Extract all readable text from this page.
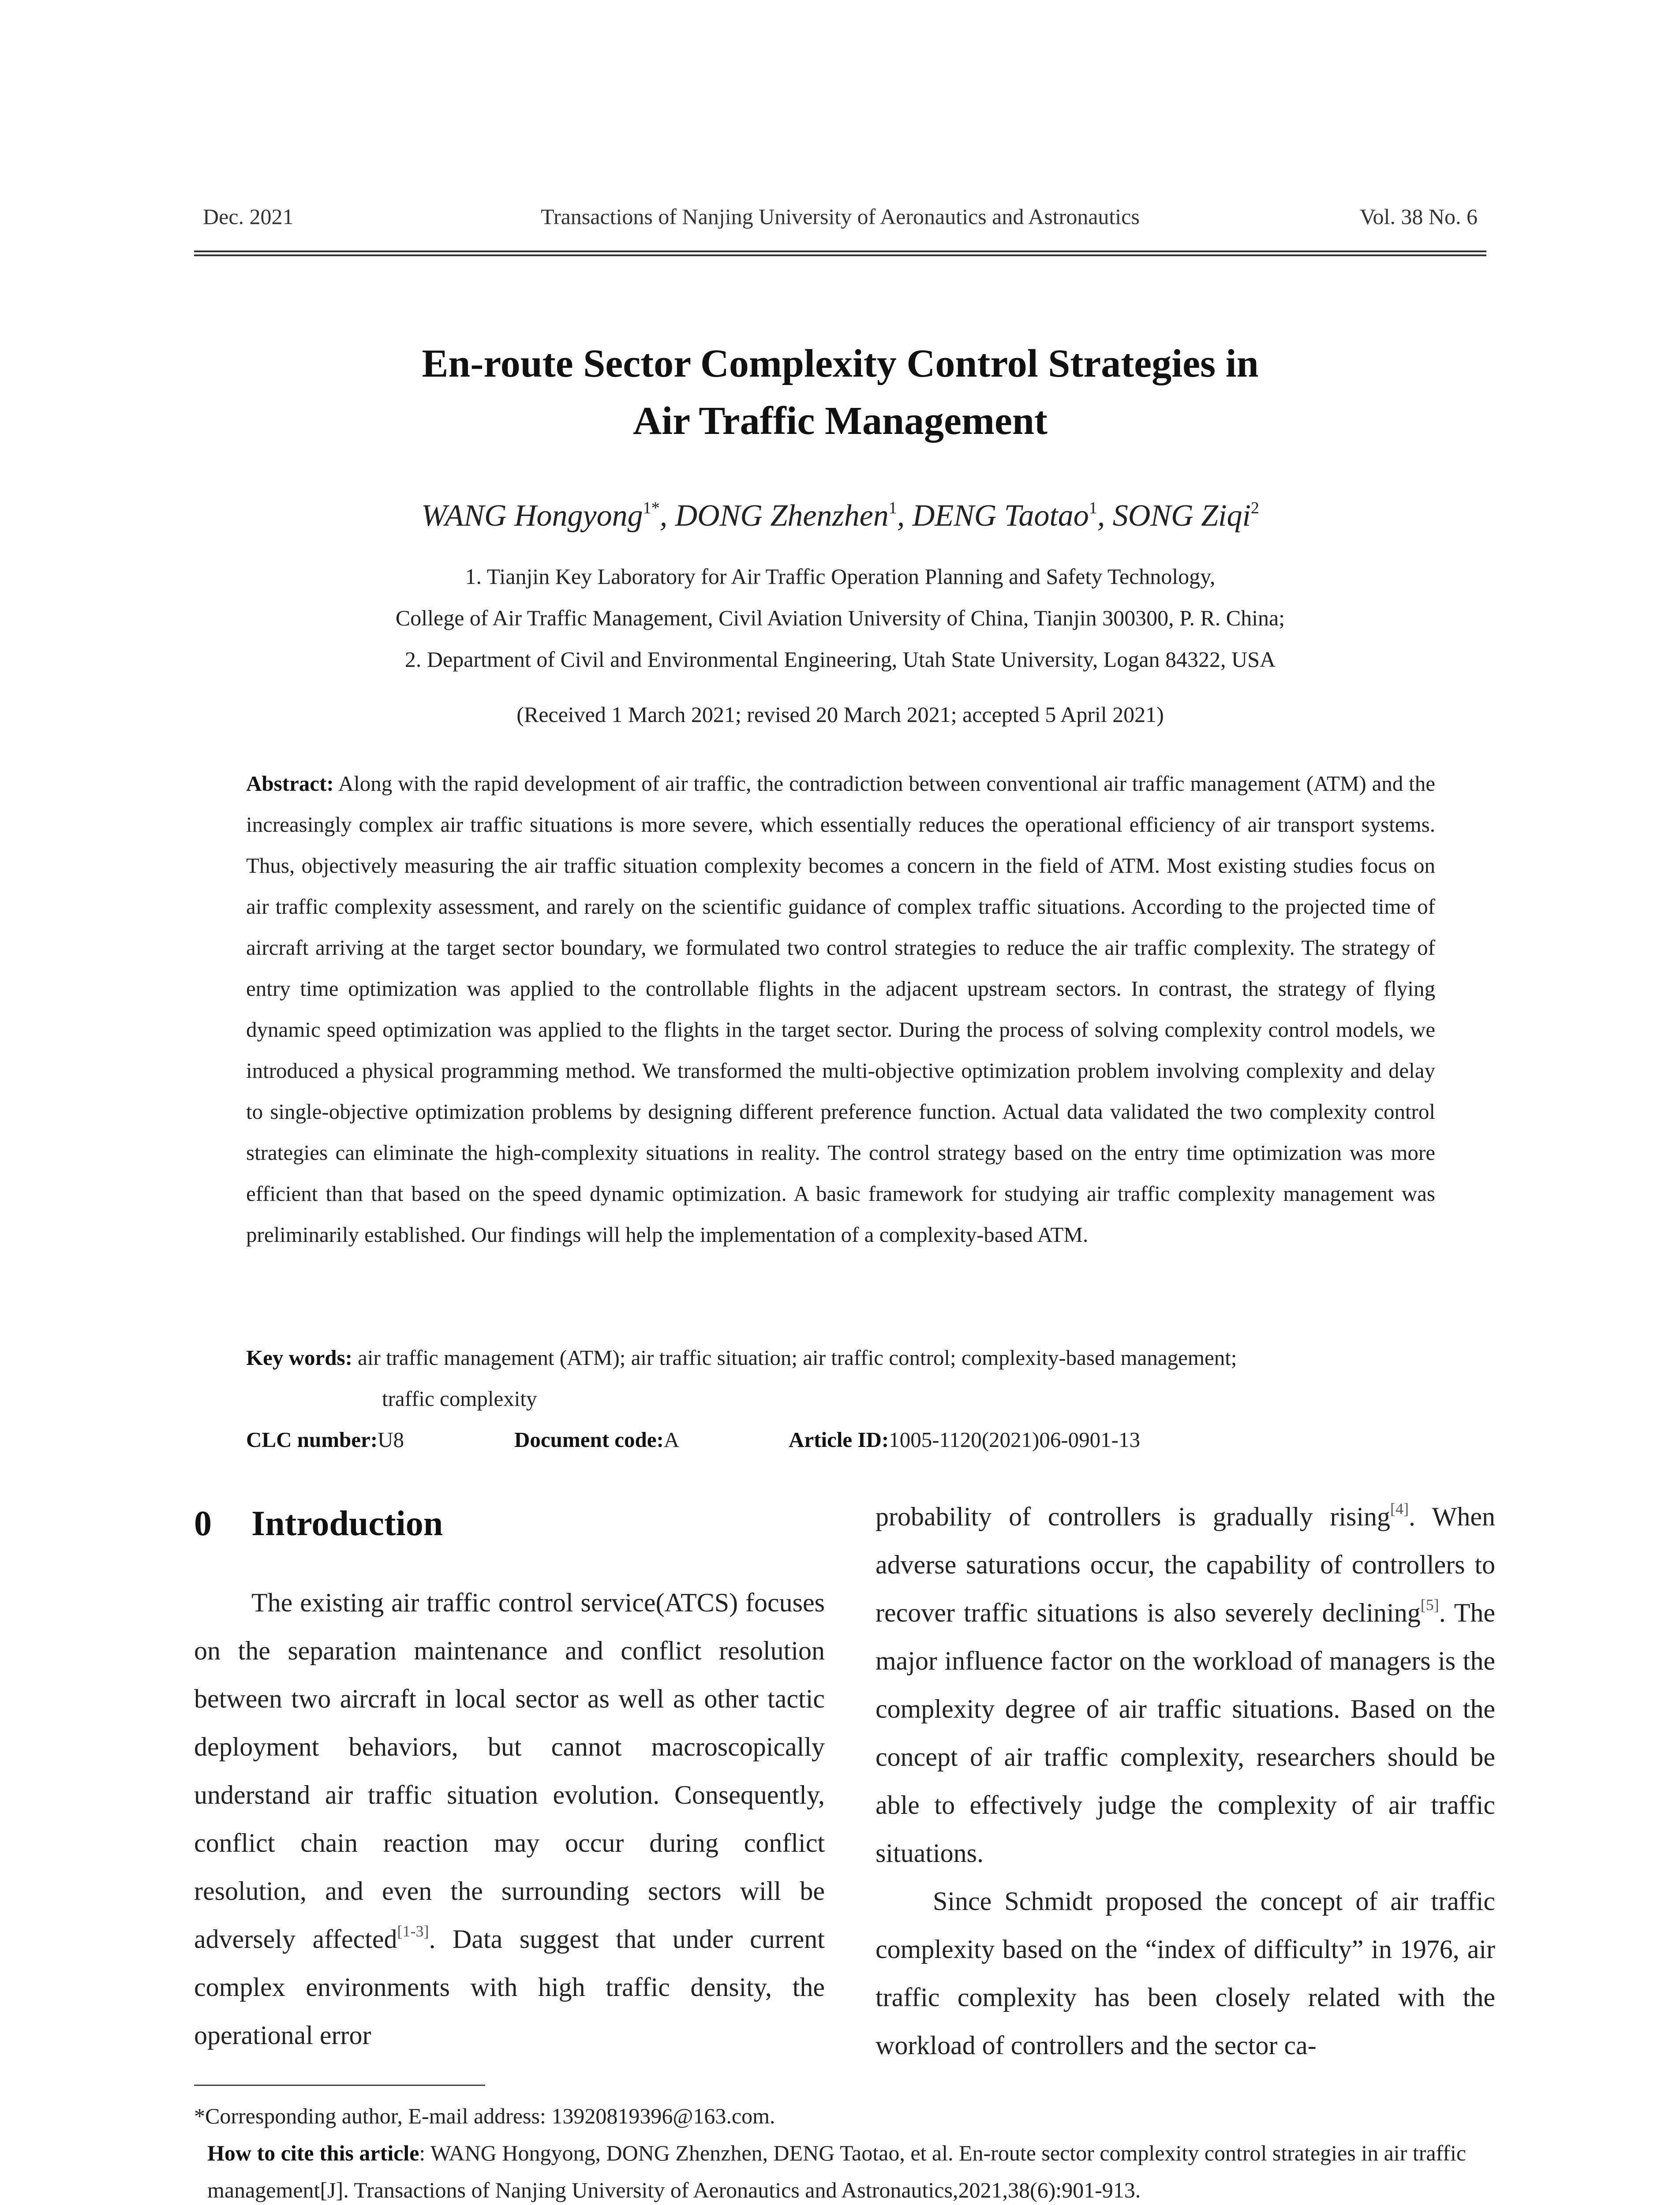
Dec. 2021	Transactions of Nanjing University of Aeronautics and Astronautics	Vol. 38 No. 6
En-route Sector Complexity Control Strategies in
Air Traffic Management
WANG Hongyong$^{1*}$, DONG Zhenzhen$^1$, DENG Taotao$^1$, SONG Ziqi$^2$
1. Tianjin Key Laboratory for Air Traffic Operation Planning and Safety Technology,
College of Air Traffic Management, Civil Aviation University of China, Tianjin 300300, P. R. China;
2. Department of Civil and Environmental Engineering, Utah State University, Logan 84322, USA
(Received 1 March 2021; revised 20 March 2021; accepted 5 April 2021)
Abstract: Along with the rapid development of air traffic, the contradiction between conventional air traffic management (ATM) and the increasingly complex air traffic situations is more severe, which essentially reduces the operational efficiency of air transport systems. Thus, objectively measuring the air traffic situation complexity becomes a concern in the field of ATM. Most existing studies focus on air traffic complexity assessment, and rarely on the scientific guidance of complex traffic situations. According to the projected time of aircraft arriving at the target sector boundary, we formulated two control strategies to reduce the air traffic complexity. The strategy of entry time optimization was applied to the controllable flights in the adjacent upstream sectors. In contrast, the strategy of flying dynamic speed optimization was applied to the flights in the target sector. During the process of solving complexity control models, we introduced a physical programming method. We transformed the multi-objective optimization problem involving complexity and delay to single-objective optimization problems by designing different preference function. Actual data validated the two complexity control strategies can eliminate the high-complexity situations in reality. The control strategy based on the entry time optimization was more efficient than that based on the speed dynamic optimization. A basic framework for studying air traffic complexity management was preliminarily established. Our findings will help the implementation of a complexity-based ATM.
Key words: air traffic management (ATM); air traffic situation; air traffic control; complexity-based management;
traffic complexity
CLC number:U8	Document code:A	Article ID:1005-1120(2021)06-0901-13
0 Introduction

The existing air traffic control service(ATCS) focuses on the separation maintenance and conflict resolution between two aircraft in local sector as well as other tactic deployment behaviors, but cannot macroscopically understand air traffic situation evolution. Consequently, conflict chain reaction may occur during conflict resolution, and even the surrounding sectors will be adversely affected[1-3]. Data suggest that under current complex environments with high traffic density, the operational error

probability of controllers is gradually rising[4]. When adverse saturations occur, the capability of controllers to recover traffic situations is also severely declining[5]. The major influence factor on the workload of managers is the complexity degree of air traffic situations. Based on the concept of air traffic complexity, researchers should be able to effectively judge the complexity of air traffic situations.

Since Schmidt proposed the concept of air traffic complexity based on the “index of difficulty” in 1976, air traffic complexity has been closely related with the workload of controllers and the sector ca-

*Corresponding author, E-mail address: 13920819396@163.com.
How to cite this article: WANG Hongyong, DONG Zhenzhen, DENG Taotao, et al. En-route sector complexity control strategies in air traffic management[J]. Transactions of Nanjing University of Aeronautics and Astronautics,2021,38(6):901-913.
